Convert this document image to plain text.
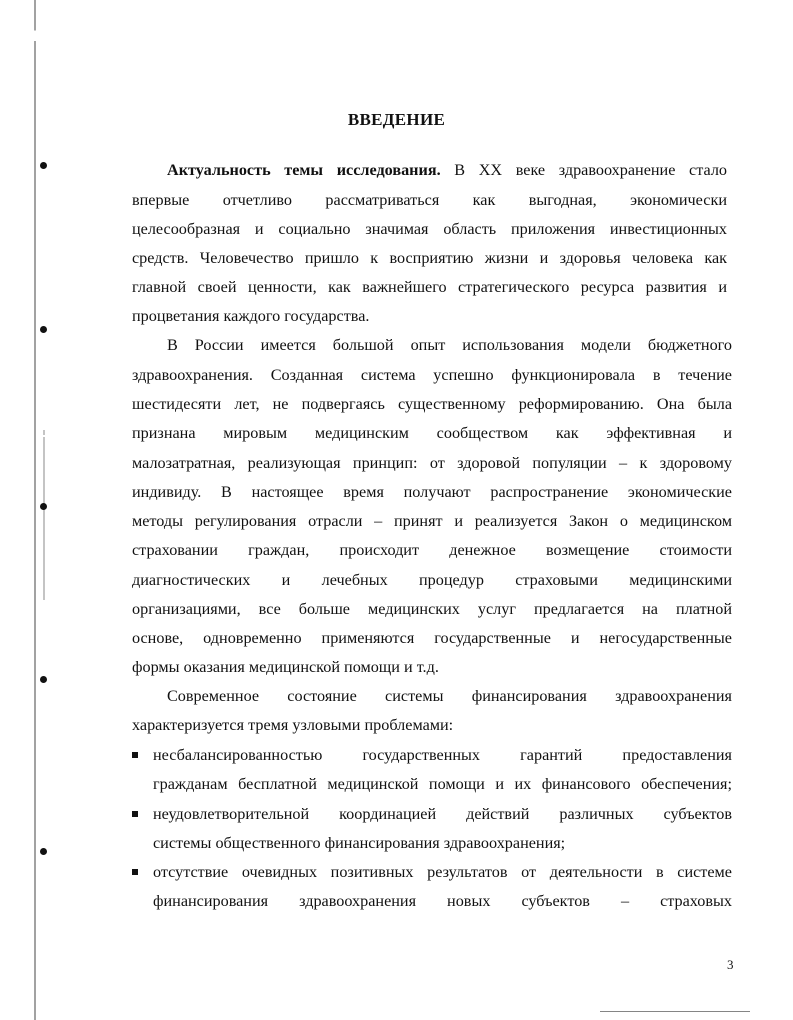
ВВЕДЕНИЕ
Актуальность темы исследования. В XX веке здравоохранение стало
впервые отчетливо рассматриваться как выгодная, экономически
целесообразная и социально значимая область приложения инвестиционных
средств. Человечество пришло к восприятию жизни и здоровья человека как
главной своей ценности, как важнейшего стратегического ресурса развития и
процветания каждого государства.
В России имеется большой опыт использования модели бюджетного
здравоохранения. Созданная система успешно функционировала в течение
шестидесяти лет, не подвергаясь существенному реформированию. Она была
признана мировым медицинским сообществом как эффективная и
малозатратная, реализующая принцип: от здоровой популяции – к здоровому
индивиду. В настоящее время получают распространение экономические
методы регулирования отрасли – принят и реализуется Закон о медицинском
страховании граждан, происходит денежное возмещение стоимости
диагностических и лечебных процедур страховыми медицинскими
организациями, все больше медицинских услуг предлагается на платной
основе, одновременно применяются государственные и негосударственные
формы оказания медицинской помощи и т.д.
Современное состояние системы финансирования здравоохранения
характеризуется тремя узловыми проблемами:
несбалансированностью государственных гарантий предоставления
гражданам бесплатной медицинской помощи и их финансового обеспечения;
неудовлетворительной координацией действий различных субъектов
системы общественного финансирования здравоохранения;
отсутствие очевидных позитивных результатов от деятельности в системе
финансирования здравоохранения новых субъектов – страховых
3
